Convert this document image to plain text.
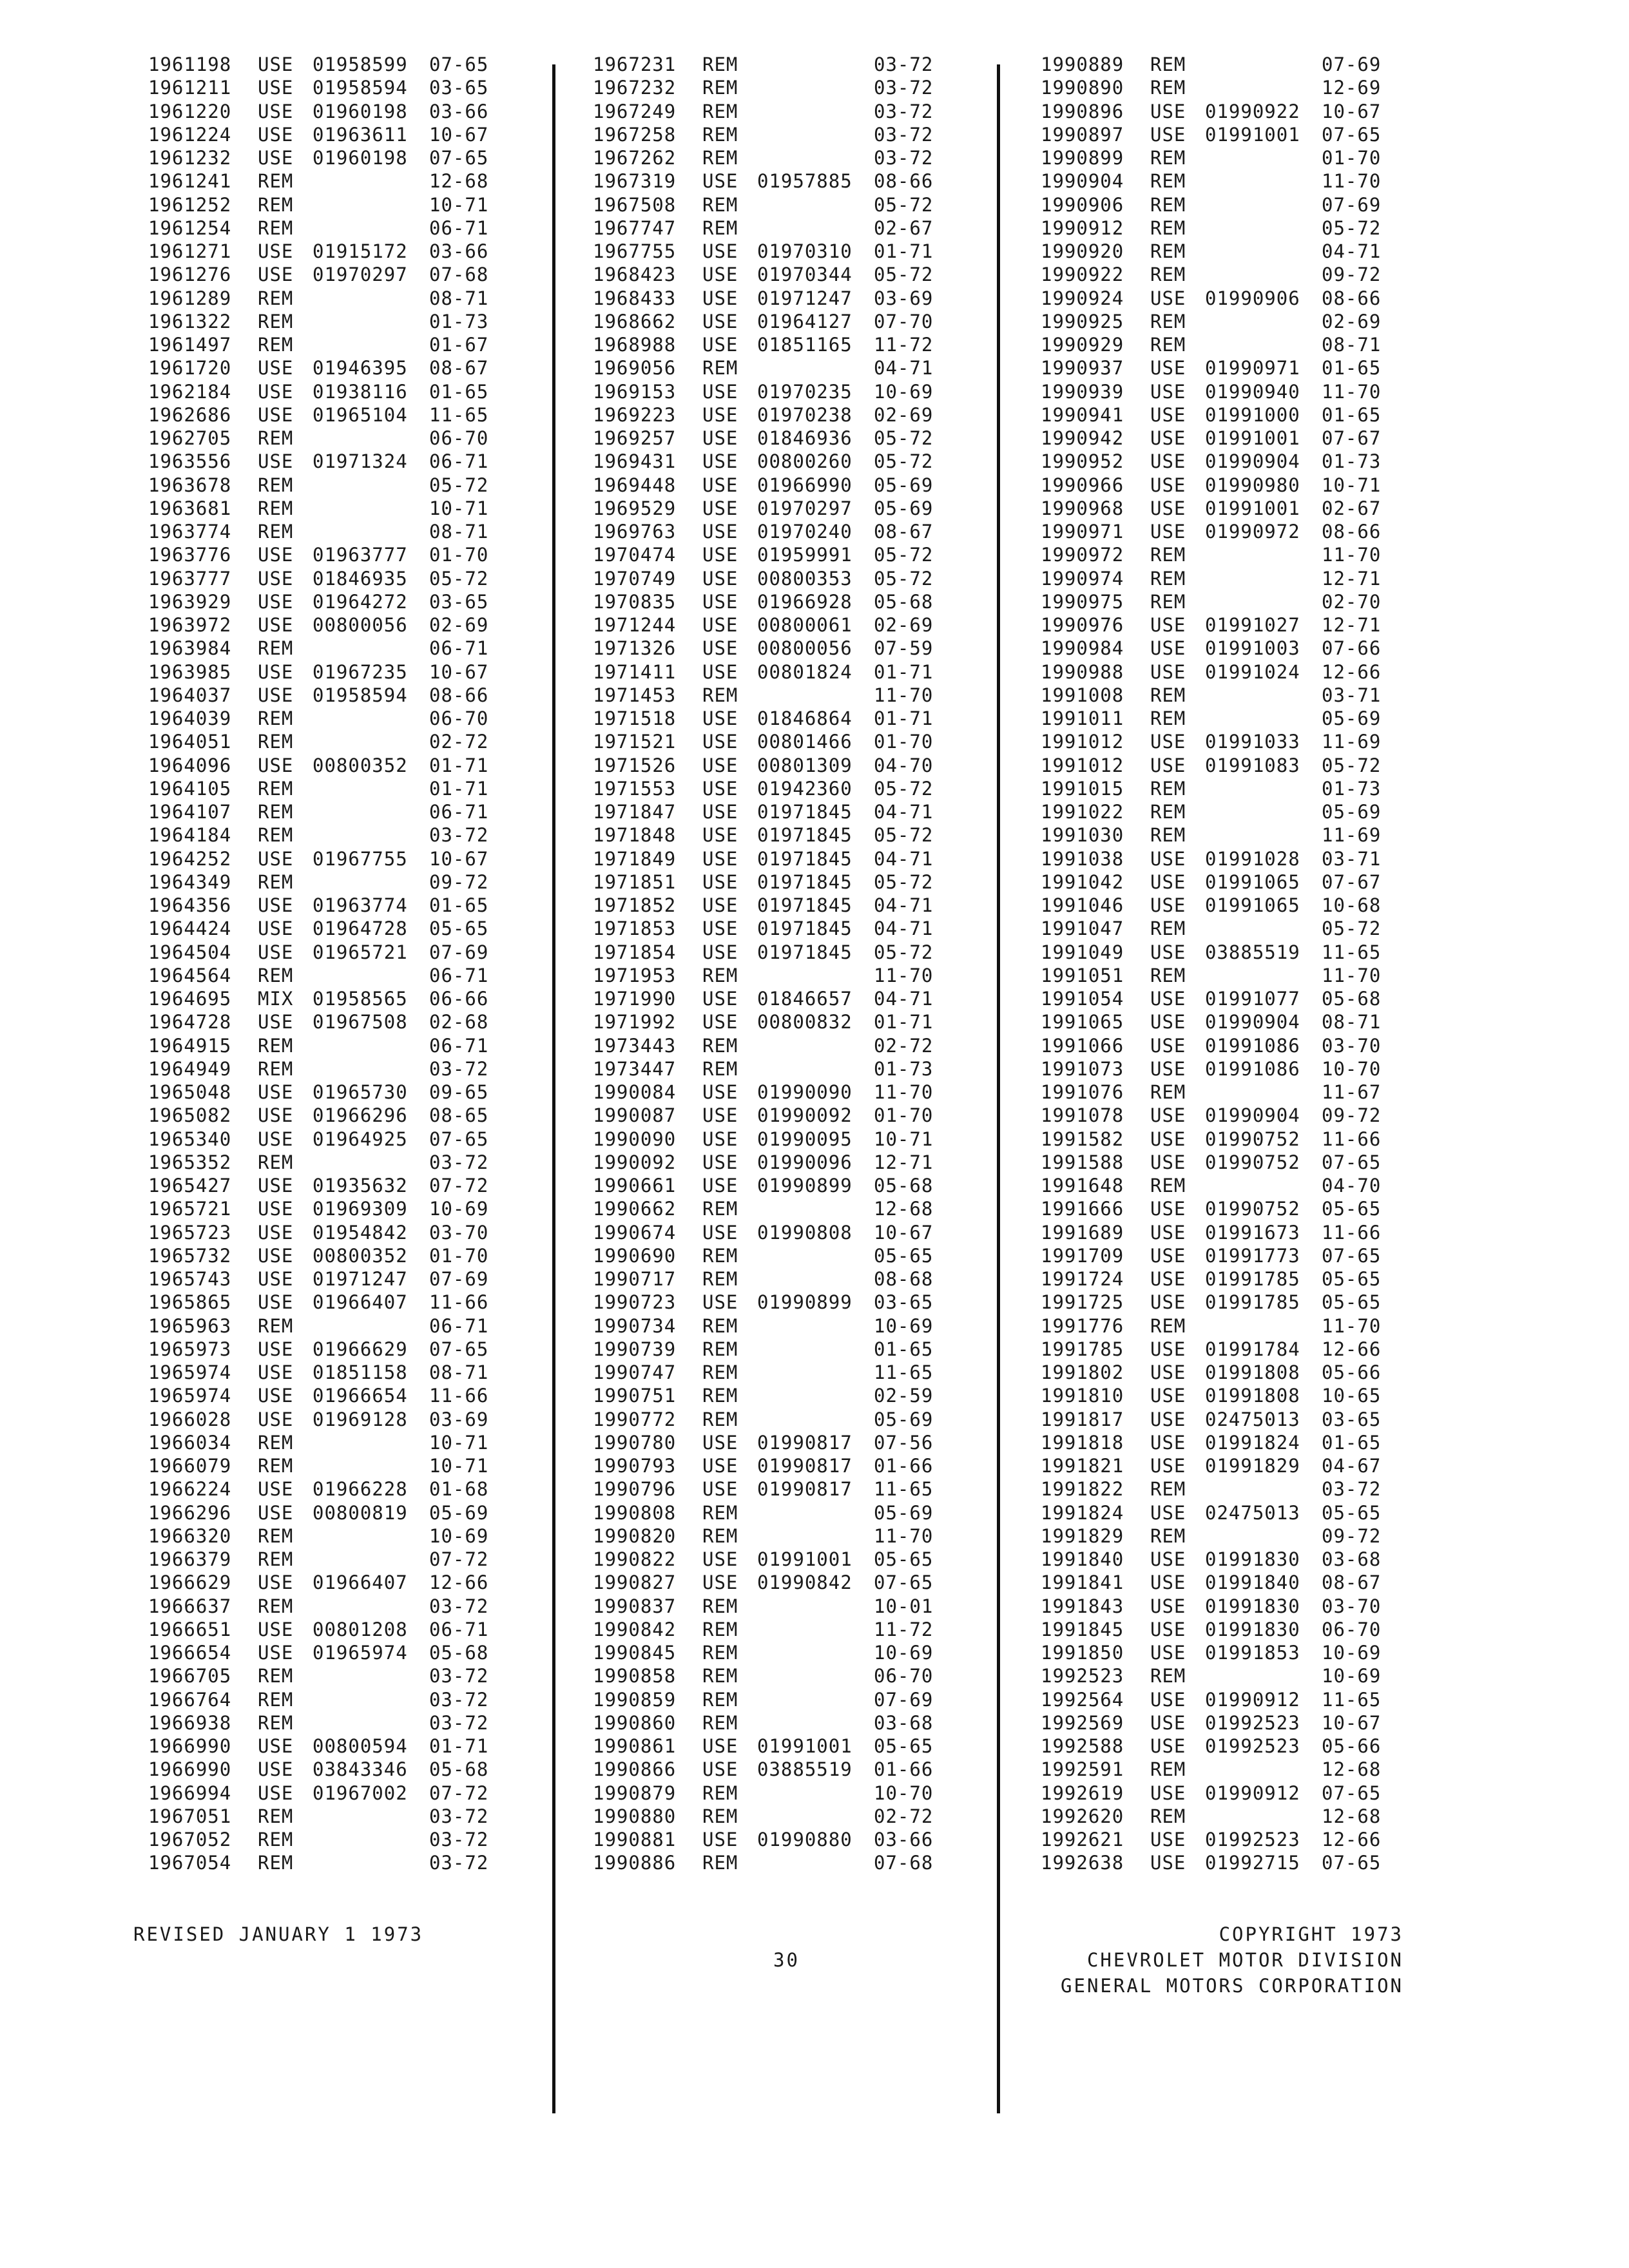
1961198 USE 01958599 07-65
1961211 USE 01958594 03-65
1961220 USE 01960198 03-66
1961224 USE 01963611 10-67
1961232 USE 01960198 07-65
1961241 REM	12-68
1961252 REM	10-71
1961254 REM	06-71
1961271 USE 01915172 03-66
1961276 USE 01970297 07-68
1961289 REM	08-71
1961322 REM	01-73
1961497 REM	01-67
1961720 USE 01946395 08-67
1962184 USE 01938116 01-65
1962686 USE 01965104 11-65
1962705 REM	06-70
1963556 USE 01971324 06-71
1963678 REM	05-72
1963681 REM	10-71
1963774 REM	08-71
1963776 USE 01963777 01-70
1963777 USE 01846935 05-72
1963929 USE 01964272 03-65
1963972 USE 00800056 02-69
1963984 REM	06-71
1963985 USE 01967235 10-67
1964037 USE 01958594 08-66
1964039 REM	06-70
1964051 REM	02-72
1964096 USE 00800352 01-71
1964105 REM	01-71
1964107 REM	06-71
1964184 REM	03-72
1964252 USE 01967755 10-67
1964349 REM	09-72
1964356 USE 01963774 01-65
1964424 USE 01964728 05-65
1964504 USE 01965721 07-69
1964564 REM	06-71
1964695 MIX 01958565 06-66
1964728 USE 01967508 02-68
1964915 REM	06-71
1964949 REM	03-72
1965048 USE 01965730 09-65
1965082 USE 01966296 08-65
1965340 USE 01964925 07-65
1965352 REM	03-72
1965427 USE 01935632 07-72
1965721 USE 01969309 10-69
1965723 USE 01954842 03-70
1965732 USE 00800352 01-70
1965743 USE 01971247 07-69
1965865 USE 01966407 11-66
1965963 REM	06-71
1965973 USE 01966629 07-65
1965974 USE 01851158 08-71
1965974 USE 01966654 11-66
1966028 USE 01969128 03-69
1966034 REM	10-71
1966079 REM	10-71
1966224 USE 01966228 01-68
1966296 USE 00800819 05-69
1966320 REM	10-69
1966379 REM	07-72
1966629 USE 01966407 12-66
1966637 REM	03-72
1966651 USE 00801208 06-71
1966654 USE 01965974 05-68
1966705 REM	03-72
1966764 REM	03-72
1966938 REM	03-72
1966990 USE 00800594 01-71
1966990 USE 03843346 05-68
1966994 USE 01967002 07-72
1967051 REM	03-72
1967052 REM	03-72
1967054 REM	03-72
1967231 REM	03-72
1967232 REM	03-72
1967249 REM	03-72
1967258 REM	03-72
1967262 REM	03-72
1967319 USE 01957885 08-66
1967508 REM	05-72
1967747 REM	02-67
1967755 USE 01970310 01-71
1968423 USE 01970344 05-72
1968433 USE 01971247 03-69
1968662 USE 01964127 07-70
1968988 USE 01851165 11-72
1969056 REM	04-71
1969153 USE 01970235 10-69
1969223 USE 01970238 02-69
1969257 USE 01846936 05-72
1969431 USE 00800260 05-72
1969448 USE 01966990 05-69
1969529 USE 01970297 05-69
1969763 USE 01970240 08-67
1970474 USE 01959991 05-72
1970749 USE 00800353 05-72
1970835 USE 01966928 05-68
1971244 USE 00800061 02-69
1971326 USE 00800056 07-59
1971411 USE 00801824 01-71
1971453 REM	11-70
1971518 USE 01846864 01-71
1971521 USE 00801466 01-70
1971526 USE 00801309 04-70
1971553 USE 01942360 05-72
1971847 USE 01971845 04-71
1971848 USE 01971845 05-72
1971849 USE 01971845 04-71
1971851 USE 01971845 05-72
1971852 USE 01971845 04-71
1971853 USE 01971845 04-71
1971854 USE 01971845 05-72
1971953 REM	11-70
1971990 USE 01846657 04-71
1971992 USE 00800832 01-71
1973443 REM	02-72
1973447 REM	01-73
1990084 USE 01990090 11-70
1990087 USE 01990092 01-70
1990090 USE 01990095 10-71
1990092 USE 01990096 12-71
1990661 USE 01990899 05-68
1990662 REM	12-68
1990674 USE 01990808 10-67
1990690 REM	05-65
1990717 REM	08-68
1990723 USE 01990899 03-65
1990734 REM	10-69
1990739 REM	01-65
1990747 REM	11-65
1990751 REM	02-59
1990772 REM	05-69
1990780 USE 01990817 07-56
1990793 USE 01990817 01-66
1990796 USE 01990817 11-65
1990808 REM	05-69
1990820 REM	11-70
1990822 USE 01991001 05-65
1990827 USE 01990842 07-65
1990837 REM	10-01
1990842 REM	11-72
1990845 REM	10-69
1990858 REM	06-70
1990859 REM	07-69
1990860 REM	03-68
1990861 USE 01991001 05-65
1990866 USE 03885519 01-66
1990879 REM	10-70
1990880 REM	02-72
1990881 USE 01990880 03-66
1990886 REM	07-68
1990889 REM	07-69
1990890 REM	12-69
1990896 USE 01990922 10-67
1990897 USE 01991001 07-65
1990899 REM	01-70
1990904 REM	11-70
1990906 REM	07-69
1990912 REM	05-72
1990920 REM	04-71
1990922 REM	09-72
1990924 USE 01990906 08-66
1990925 REM	02-69
1990929 REM	08-71
1990937 USE 01990971 01-65
1990939 USE 01990940 11-70
1990941 USE 01991000 01-65
1990942 USE 01991001 07-67
1990952 USE 01990904 01-73
1990966 USE 01990980 10-71
1990968 USE 01991001 02-67
1990971 USE 01990972 08-66
1990972 REM	11-70
1990974 REM	12-71
1990975 REM	02-70
1990976 USE 01991027 12-71
1990984 USE 01991003 07-66
1990988 USE 01991024 12-66
1991008 REM	03-71
1991011 REM	05-69
1991012 USE 01991033 11-69
1991012 USE 01991083 05-72
1991015 REM	01-73
1991022 REM	05-69
1991030 REM	11-69
1991038 USE 01991028 03-71
1991042 USE 01991065 07-67
1991046 USE 01991065 10-68
1991047 REM	05-72
1991049 USE 03885519 11-65
1991051 REM	11-70
1991054 USE 01991077 05-68
1991065 USE 01990904 08-71
1991066 USE 01991086 03-70
1991073 USE 01991086 10-70
1991076 REM	11-67
1991078 USE 01990904 09-72
1991582 USE 01990752 11-66
1991588 USE 01990752 07-65
1991648 REM	04-70
1991666 USE 01990752 05-65
1991689 USE 01991673 11-66
1991709 USE 01991773 07-65
1991724 USE 01991785 05-65
1991725 USE 01991785 05-65
1991776 REM	11-70
1991785 USE 01991784 12-66
1991802 USE 01991808 05-66
1991810 USE 01991808 10-65
1991817 USE 02475013 03-65
1991818 USE 01991824 01-65
1991821 USE 01991829 04-67
1991822 REM	03-72
1991824 USE 02475013 05-65
1991829 REM	09-72
1991840 USE 01991830 03-68
1991841 USE 01991840 08-67
1991843 USE 01991830 03-70
1991845 USE 01991830 06-70
1991850 USE 01991853 10-69
1992523 REM	10-69
1992564 USE 01990912 11-65
1992569 USE 01992523 10-67
1992588 USE 01992523 05-66
1992591 REM	12-68
1992619 USE 01990912 07-65
1992620 REM	12-68
1992621 USE 01992523 12-66
1992638 USE 01992715 07-65
REVISED JANUARY 1 1973
30
COPYRIGHT 1973
CHEVROLET MOTOR DIVISION
GENERAL MOTORS CORPORATION
